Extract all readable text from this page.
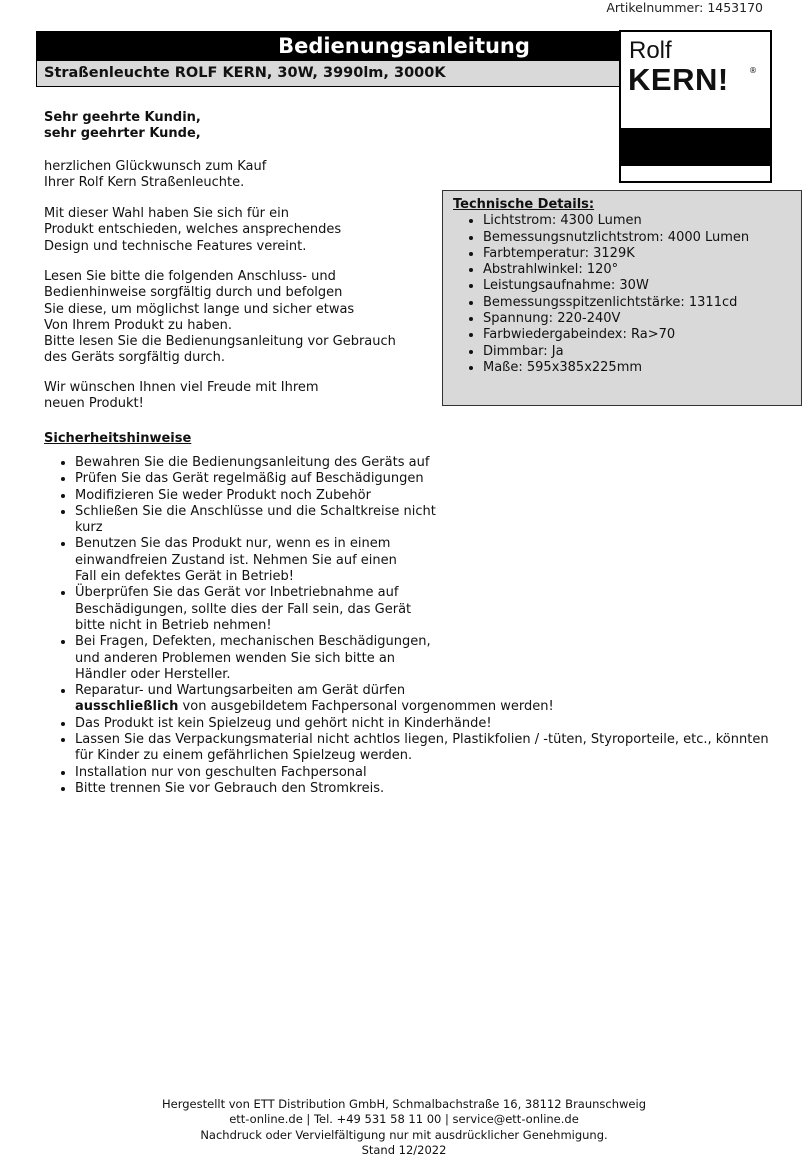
Artikelnummer: 1453170
Bedienungsanleitung
Straßenleuchte ROLF KERN, 30W, 3990lm, 3000K
Rolf
KERN!	®

Sehr geehrte Kundin,

sehr geehrter Kunde,

herzlichen Glückwunsch zum Kauf

Ihrer Rolf Kern Straßenleuchte.

Mit dieser Wahl haben Sie sich für ein

Produkt entschieden, welches ansprechendes

Design und technische Features vereint.

Lesen Sie bitte die folgenden Anschluss- und

Bedienhinweise sorgfältig durch und befolgen

Sie diese, um möglichst lange und sicher etwas

Von Ihrem Produkt zu haben.

Bitte lesen Sie die Bedienungsanleitung vor Gebrauch

des Geräts sorgfältig durch.

Wir wünschen Ihnen viel Freude mit Ihrem

neuen Produkt!

Technische Details:
• Lichtstrom: 4300 Lumen
• Bemessungsnutzlichtstrom: 4000 Lumen
• Farbtemperatur: 3129K
• Abstrahlwinkel: 120°
• Leistungsaufnahme: 30W
• Bemessungsspitzenlichtstärke: 1311cd
• Spannung: 220-240V
• Farbwiedergabeindex: Ra>70
• Dimmbar: Ja
• Maße: 595x385x225mm
Sicherheitshinweise
• Bewahren Sie die Bedienungsanleitung des Geräts auf
• Prüfen Sie das Gerät regelmäßig auf Beschädigungen
• Modifizieren Sie weder Produkt noch Zubehör
• Schließen Sie die Anschlüsse und die Schaltkreise nicht
kurz
• Benutzen Sie das Produkt nur, wenn es in einem
einwandfreien Zustand ist. Nehmen Sie auf einen
Fall ein defektes Gerät in Betrieb!
• Überprüfen Sie das Gerät vor Inbetriebnahme auf
Beschädigungen, sollte dies der Fall sein, das Gerät
bitte nicht in Betrieb nehmen!
• Bei Fragen, Defekten, mechanischen Beschädigungen,
und anderen Problemen wenden Sie sich bitte an
Händler oder Hersteller.
• Reparatur- und Wartungsarbeiten am Gerät dürfen
ausschließlich von ausgebildetem Fachpersonal vorgenommen werden!
• Das Produkt ist kein Spielzeug und gehört nicht in Kinderhände!
• Lassen Sie das Verpackungsmaterial nicht achtlos liegen, Plastikfolien / -tüten, Styroporteile, etc., könnten
für Kinder zu einem gefährlichen Spielzeug werden.
• Installation nur von geschulten Fachpersonal
• Bitte trennen Sie vor Gebrauch den Stromkreis.
Hergestellt von ETT Distribution GmbH, Schmalbachstraße 16, 38112 Braunschweig
ett-online.de | Tel. +49 531 58 11 00 | service@ett-online.de
Nachdruck oder Vervielfältigung nur mit ausdrücklicher Genehmigung.
Stand 12/2022
